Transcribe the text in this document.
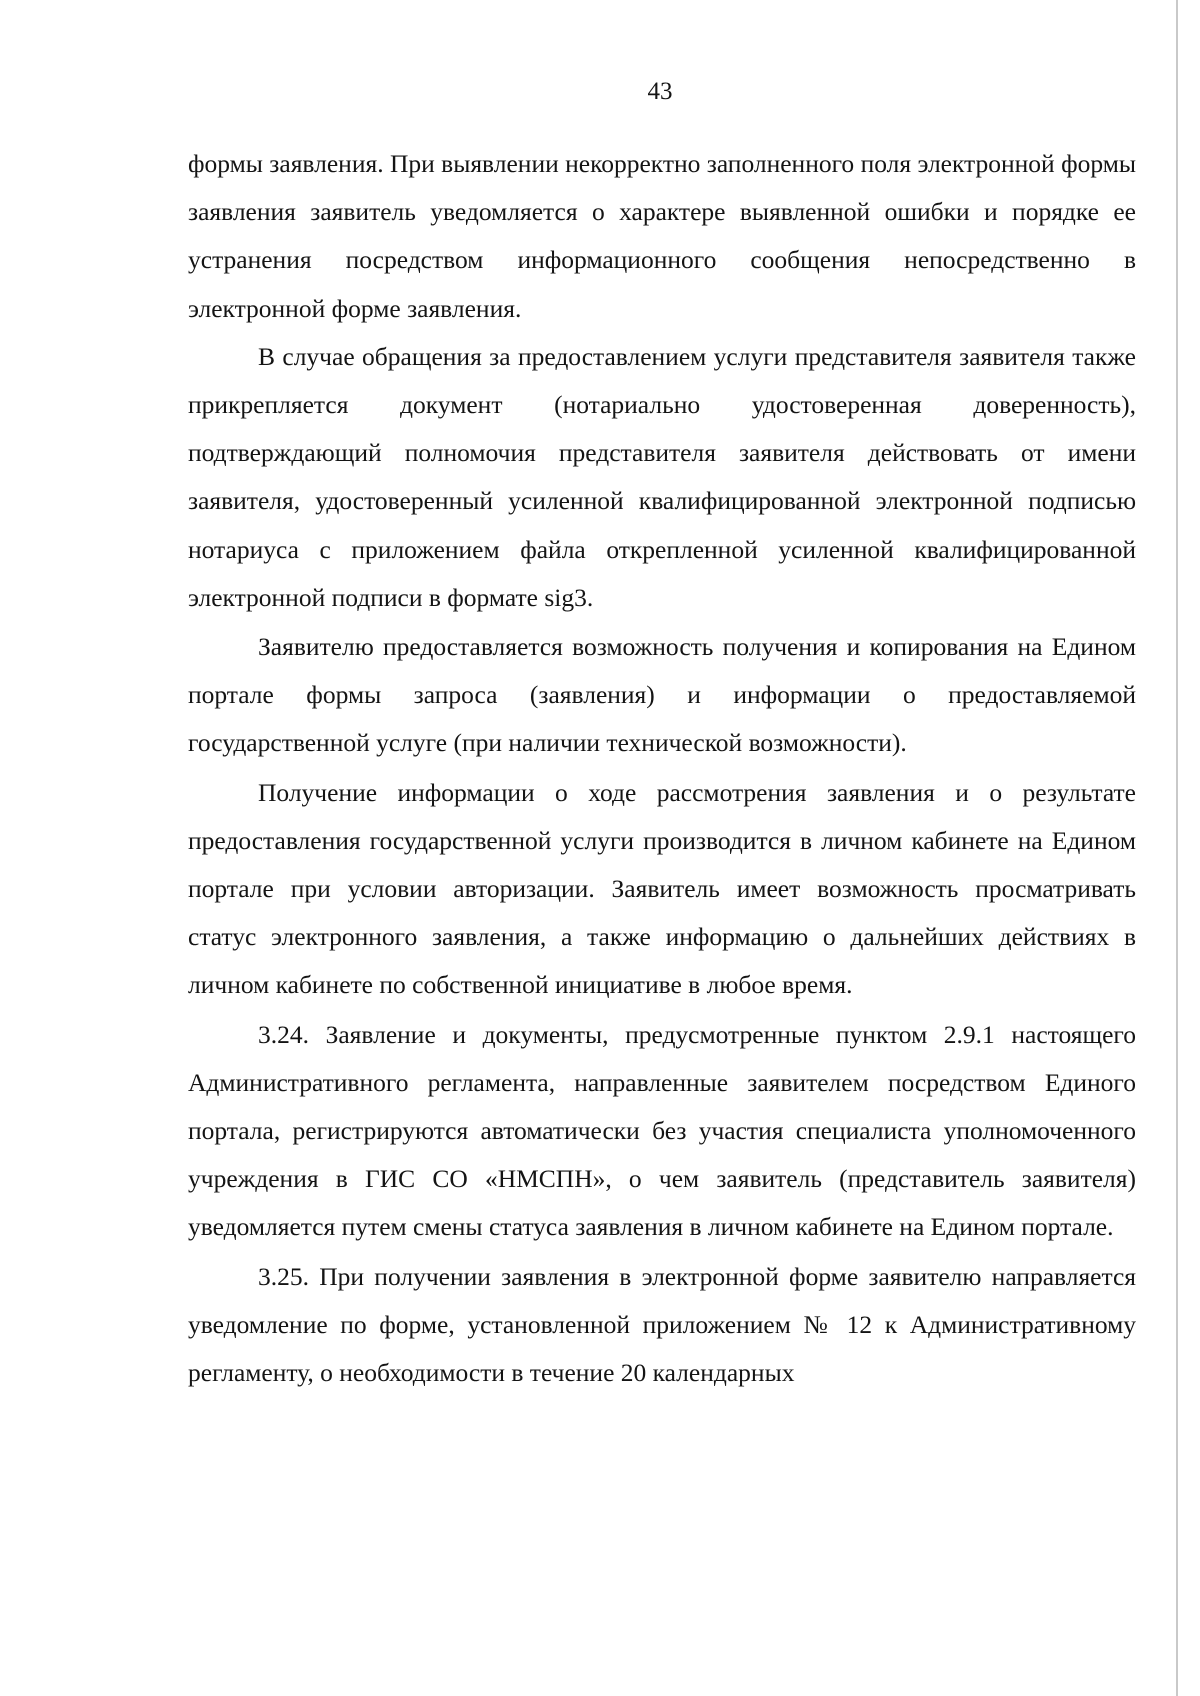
43

формы заявления. При выявлении некорректно заполненного поля электронной формы заявления заявитель уведомляется о характере выявленной ошибки и порядке ее устранения посредством информационного сообщения непосредственно в электронной форме заявления.

В случае обращения за предоставлением услуги представителя заявителя также прикрепляется документ (нотариально удостоверенная доверенность), подтверждающий полномочия представителя заявителя действовать от имени заявителя, удостоверенный усиленной квалифицированной электронной подписью нотариуса с приложением файла открепленной усиленной квалифицированной электронной подписи в формате sig3.

Заявителю предоставляется возможность получения и копирования на Едином портале формы запроса (заявления) и информации о предоставляемой государственной услуге (при наличии технической возможности).

Получение информации о ходе рассмотрения заявления и о результате предоставления государственной услуги производится в личном кабинете на Едином портале при условии авторизации. Заявитель имеет возможность просматривать статус электронного заявления, а также информацию о дальнейших действиях в личном кабинете по собственной инициативе в любое время.

3.24. Заявление и документы, предусмотренные пунктом 2.9.1 настоящего Административного регламента, направленные заявителем посредством Единого портала, регистрируются автоматически без участия специалиста уполномоченного учреждения в ГИС СО «НМСПН», о чем заявитель (представитель заявителя) уведомляется путем смены статуса заявления в личном кабинете на Едином портале.

3.25. При получении заявления в электронной форме заявителю направляется уведомление по форме, установленной приложением № 12 к Административному регламенту, о необходимости в течение 20 календарных
